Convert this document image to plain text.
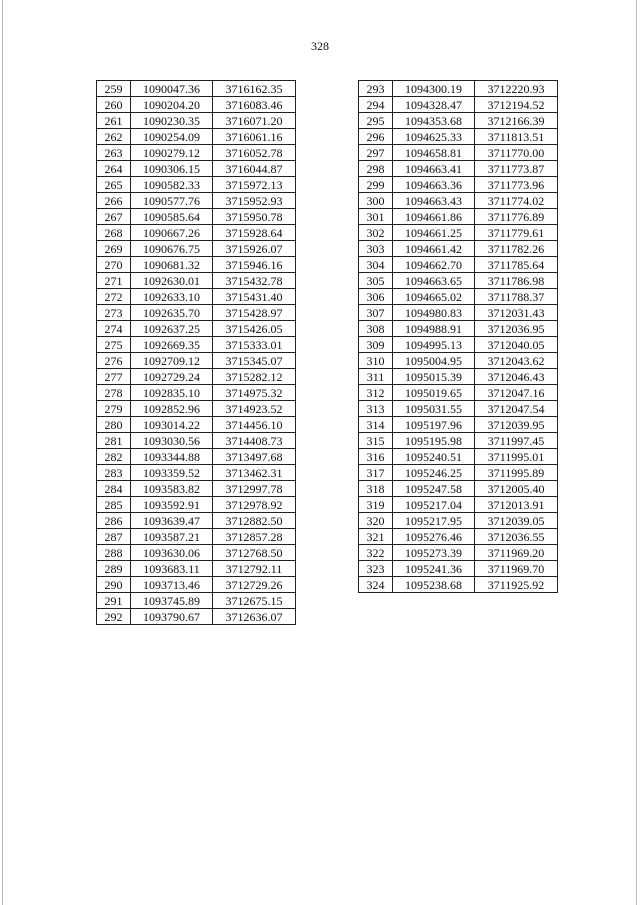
328
259	1090047.36	3716162.35
260	1090204.20	3716083.46
261	1090230.35	3716071.20
262	1090254.09	3716061.16
263	1090279.12	3716052.78
264	1090306.15	3716044.87
265	1090582.33	3715972.13
266	1090577.76	3715952.93
267	1090585.64	3715950.78
268	1090667.26	3715928.64
269	1090676.75	3715926.07
270	1090681.32	3715946.16
271	1092630.01	3715432.78
272	1092633.10	3715431.40
273	1092635.70	3715428.97
274	1092637.25	3715426.05
275	1092669.35	3715333.01
276	1092709.12	3715345.07
277	1092729.24	3715282.12
278	1092835.10	3714975.32
279	1092852.96	3714923.52
280	1093014.22	3714456.10
281	1093030.56	3714408.73
282	1093344.88	3713497.68
283	1093359.52	3713462.31
284	1093583.82	3712997.78
285	1093592.91	3712978.92
286	1093639.47	3712882.50
287	1093587.21	3712857.28
288	1093630.06	3712768.50
289	1093683.11	3712792.11
290	1093713.46	3712729.26
291	1093745.89	3712675.15
292	1093790.67	3712636.07
293	1094300.19	3712220.93
294	1094328.47	3712194.52
295	1094353.68	3712166.39
296	1094625.33	3711813.51
297	1094658.81	3711770.00
298	1094663.41	3711773.87
299	1094663.36	3711773.96
300	1094663.43	3711774.02
301	1094661.86	3711776.89
302	1094661.25	3711779.61
303	1094661.42	3711782.26
304	1094662.70	3711785.64
305	1094663.65	3711786.98
306	1094665.02	3711788.37
307	1094980.83	3712031.43
308	1094988.91	3712036.95
309	1094995.13	3712040.05
310	1095004.95	3712043.62
311	1095015.39	3712046.43
312	1095019.65	3712047.16
313	1095031.55	3712047.54
314	1095197.96	3712039.95
315	1095195.98	3711997.45
316	1095240.51	3711995.01
317	1095246.25	3711995.89
318	1095247.58	3712005.40
319	1095217.04	3712013.91
320	1095217.95	3712039.05
321	1095276.46	3712036.55
322	1095273.39	3711969.20
323	1095241.36	3711969.70
324	1095238.68	3711925.92
